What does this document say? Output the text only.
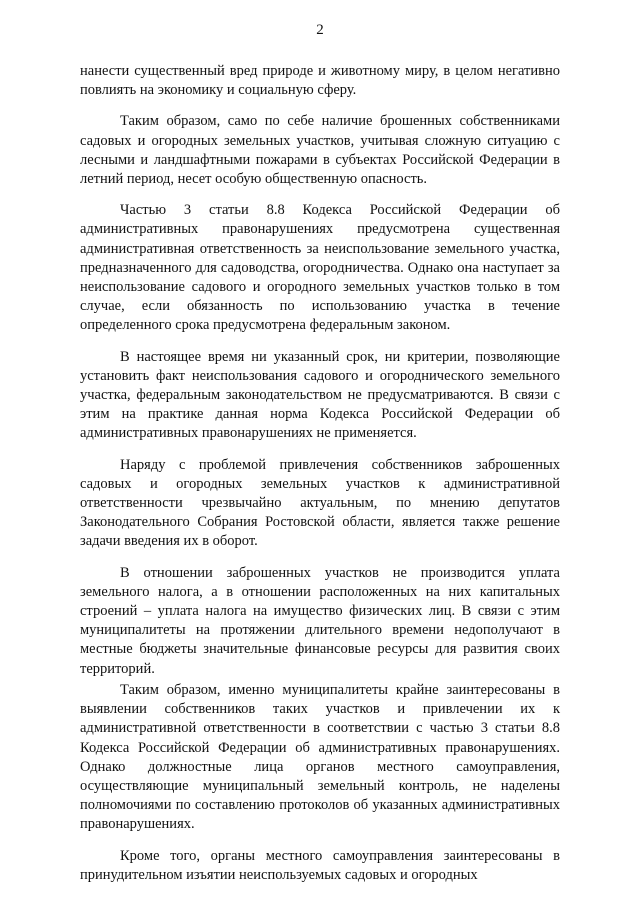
2

нанести существенный вред природе и животному миру, в целом негативно повлиять на экономику и социальную сферу.

Таким образом, само по себе наличие брошенных собственниками садовых и огородных земельных участков, учитывая сложную ситуацию с лесными и ландшафтными пожарами в субъектах Российской Федерации в летний период, несет особую общественную опасность.

Частью 3 статьи 8.8 Кодекса Российской Федерации об административных правонарушениях предусмотрена существенная административная ответственность за неиспользование земельного участка, предназначенного для садоводства, огородничества. Однако она наступает за неиспользование садового и огородного земельных участков только в том случае, если обязанность по использованию участка в течение определенного срока предусмотрена федеральным законом.

В настоящее время ни указанный срок, ни критерии, позволяющие установить факт неиспользования садового и огороднического земельного участка, федеральным законодательством не предусматриваются. В связи с этим на практике данная норма Кодекса Российской Федерации об административных правонарушениях не применяется.

Наряду с проблемой привлечения собственников заброшенных садовых и огородных земельных участков к административной ответственности чрезвычайно актуальным, по мнению депутатов Законодательного Собрания Ростовской области, является также решение задачи введения их в оборот.

В отношении заброшенных участков не производится уплата земельного налога, а в отношении расположенных на них капитальных строений – уплата налога на имущество физических лиц. В связи с этим муниципалитеты на протяжении длительного времени недополучают в местные бюджеты значительные финансовые ресурсы для развития своих территорий.

Таким образом, именно муниципалитеты крайне заинтересованы в выявлении собственников таких участков и привлечении их к административной ответственности в соответствии с частью 3 статьи 8.8 Кодекса Российской Федерации об административных правонарушениях. Однако должностные лица органов местного самоуправления, осуществляющие муниципальный земельный контроль, не наделены полномочиями по составлению протоколов об указанных административных правонарушениях.

Кроме того, органы местного самоуправления заинтересованы в принудительном изъятии неиспользуемых садовых и огородных
